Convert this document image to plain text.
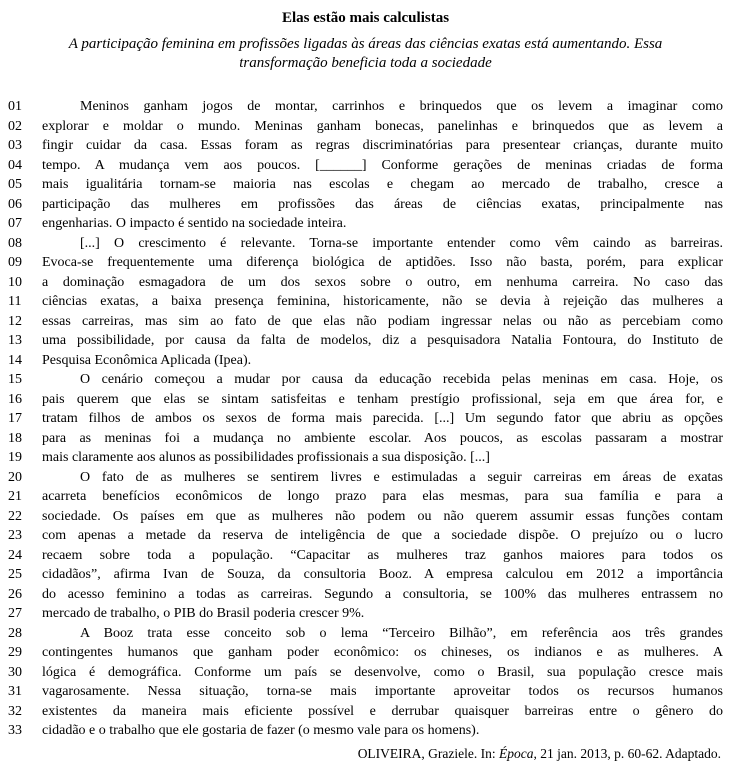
Elas estão mais calculistas

A participação feminina em profissões ligadas às áreas das ciências exatas está aumentando. Essa transformação beneficia toda a sociedade

01	Meninos ganham jogos de montar, carrinhos e brinquedos que os levem a imaginar como
02	explorar e moldar o mundo. Meninas ganham bonecas, panelinhas e brinquedos que as levem a
03	fingir cuidar da casa. Essas foram as regras discriminatórias para presentear crianças, durante muito
04	tempo. A mudança vem aos poucos. [______] Conforme gerações de meninas criadas de forma
05	mais igualitária tornam-se maioria nas escolas e chegam ao mercado de trabalho, cresce a
06	participação das mulheres em profissões das áreas de ciências exatas, principalmente nas
07	engenharias. O impacto é sentido na sociedade inteira.
08	[...] O crescimento é relevante. Torna-se importante entender como vêm caindo as barreiras.
09	Evoca-se frequentemente uma diferença biológica de aptidões. Isso não basta, porém, para explicar
10	a dominação esmagadora de um dos sexos sobre o outro, em nenhuma carreira. No caso das
11	ciências exatas, a baixa presença feminina, historicamente, não se devia à rejeição das mulheres a
12	essas carreiras, mas sim ao fato de que elas não podiam ingressar nelas ou não as percebiam como
13	uma possibilidade, por causa da falta de modelos, diz a pesquisadora Natalia Fontoura, do Instituto de
14	Pesquisa Econômica Aplicada (Ipea).
15	O cenário começou a mudar por causa da educação recebida pelas meninas em casa. Hoje, os
16	pais querem que elas se sintam satisfeitas e tenham prestígio profissional, seja em que área for, e
17	tratam filhos de ambos os sexos de forma mais parecida. [...] Um segundo fator que abriu as opções
18	para as meninas foi a mudança no ambiente escolar. Aos poucos, as escolas passaram a mostrar
19	mais claramente aos alunos as possibilidades profissionais a sua disposição. [...]
20	O fato de as mulheres se sentirem livres e estimuladas a seguir carreiras em áreas de exatas
21	acarreta benefícios econômicos de longo prazo para elas mesmas, para sua família e para a
22	sociedade. Os países em que as mulheres não podem ou não querem assumir essas funções contam
23	com apenas a metade da reserva de inteligência de que a sociedade dispõe. O prejuízo ou o lucro
24	recaem sobre toda a população. “Capacitar as mulheres traz ganhos maiores para todos os
25	cidadãos”, afirma Ivan de Souza, da consultoria Booz. A empresa calculou em 2012 a importância
26	do acesso feminino a todas as carreiras. Segundo a consultoria, se 100% das mulheres entrassem no
27	mercado de trabalho, o PIB do Brasil poderia crescer 9%.
28	A Booz trata esse conceito sob o lema “Terceiro Bilhão”, em referência aos três grandes
29	contingentes humanos que ganham poder econômico: os chineses, os indianos e as mulheres. A
30	lógica é demográfica. Conforme um país se desenvolve, como o Brasil, sua população cresce mais
31	vagarosamente. Nessa situação, torna-se mais importante aproveitar todos os recursos humanos
32	existentes da maneira mais eficiente possível e derrubar quaisquer barreiras entre o gênero do
33	cidadão e o trabalho que ele gostaria de fazer (o mesmo vale para os homens).

OLIVEIRA, Graziele. In: Época, 21 jan. 2013, p. 60-62. Adaptado.
